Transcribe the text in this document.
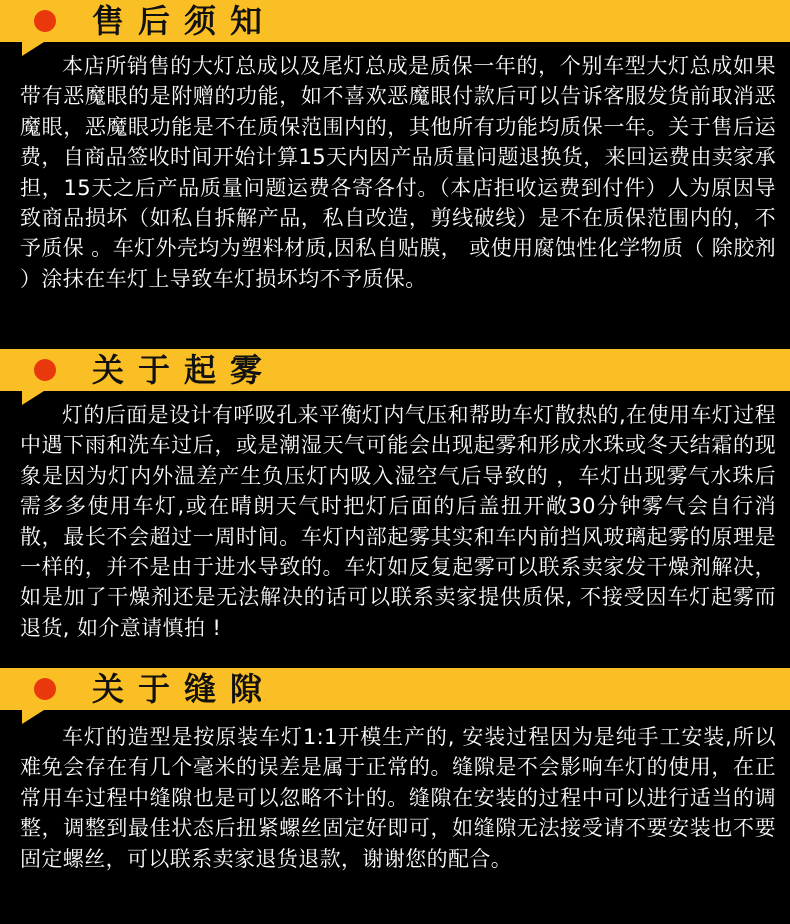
售后须知

本店所销售的大灯总成以及尾灯总成是质保一年的，个别车型大灯总成如果带有恶魔眼的是附赠的功能，如不喜欢恶魔眼付款后可以告诉客服发货前取消恶魔眼，恶魔眼功能是不在质保范围内的，其他所有功能均质保一年。关于售后运费，自商品签收时间开始计算15天内因产品质量问题退换货，来回运费由卖家承担，15天之后产品质量问题运费各寄各付。（本店拒收运费到付件）人为原因导致商品损坏（如私自拆解产品，私自改造，剪线破线）是不在质保范围内的，不予质保 。车灯外壳均为塑料材质,因私自贴膜， 或使用腐蚀性化学物质（ 除胶剂 ）涂抹在车灯上导致车灯损坏均不予质保。

关于起雾

灯的后面是设计有呼吸孔来平衡灯内气压和帮助车灯散热的,在使用车灯过程中遇下雨和洗车过后，或是潮湿天气可能会出现起雾和形成水珠或冬天结霜的现象是因为灯内外温差产生负压灯内吸入湿空气后导致的 ，车灯出现雾气水珠后需多多使用车灯,或在晴朗天气时把灯后面的后盖扭开敞30分钟雾气会自行消散，最长不会超过一周时间。车灯内部起雾其实和车内前挡风玻璃起雾的原理是一样的，并不是由于进水导致的。车灯如反复起雾可以联系卖家发干燥剂解决，如是加了干燥剂还是无法解决的话可以联系卖家提供质保, 不接受因车灯起雾而退货, 如介意请慎拍 !

关于缝隙

车灯的造型是按原装车灯1:1开模生产的, 安装过程因为是纯手工安装,所以难免会存在有几个毫米的误差是属于正常的。缝隙是不会影响车灯的使用，在正常用车过程中缝隙也是可以忽略不计的。缝隙在安装的过程中可以进行适当的调整，调整到最佳状态后扭紧螺丝固定好即可，如缝隙无法接受请不要安装也不要固定螺丝，可以联系卖家退货退款，谢谢您的配合。
